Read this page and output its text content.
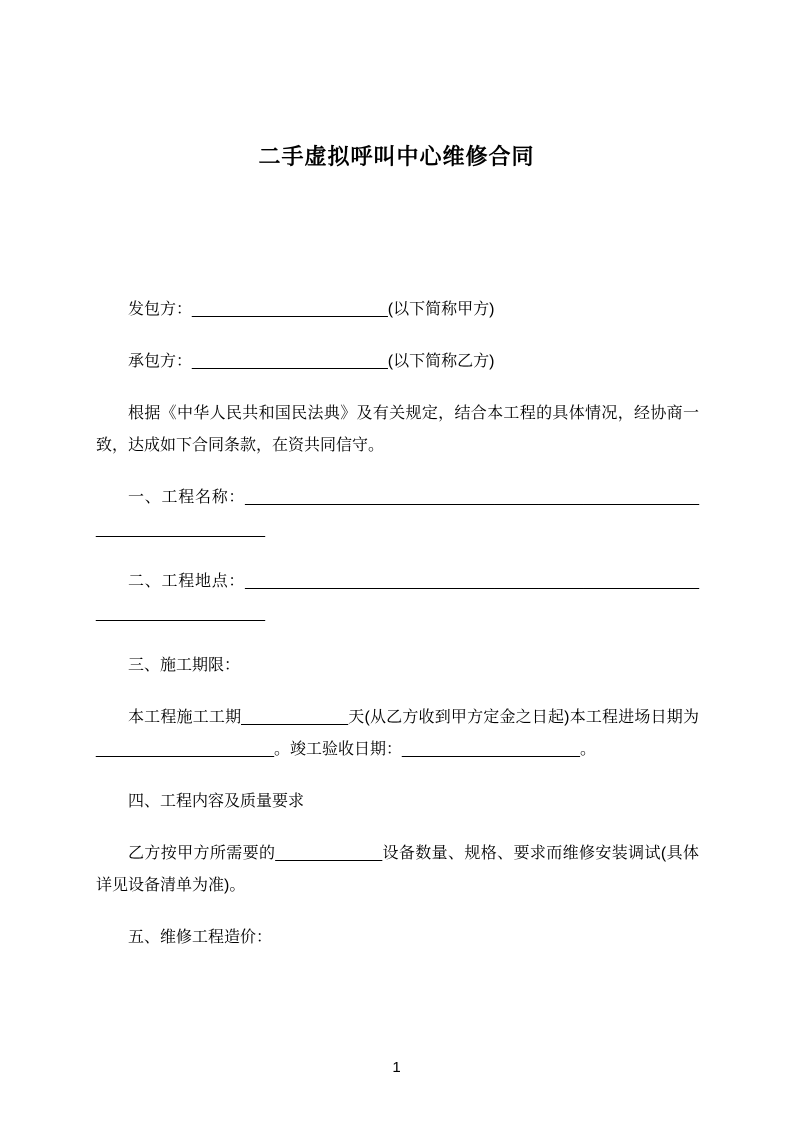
二手虚拟呼叫中心维修合同

发包方：______________________(以下简称甲方)

承包方：______________________(以下简称乙方)

根据《中华人民共和国民法典》及有关规定，结合本工程的具体情况，经协商一致，达成如下合同条款，在资共同信守。

一、工程名称：______________________________________________________________________

二、工程地点：______________________________________________________________________

三、施工期限：

本工程施工工期____________天(从乙方收到甲方定金之日起)本工程进场日期为____________________。竣工验收日期：____________________。

四、工程内容及质量要求

乙方按甲方所需要的____________设备数量、规格、要求而维修安装调试(具体详见设备清单为准)。

五、维修工程造价：

1
